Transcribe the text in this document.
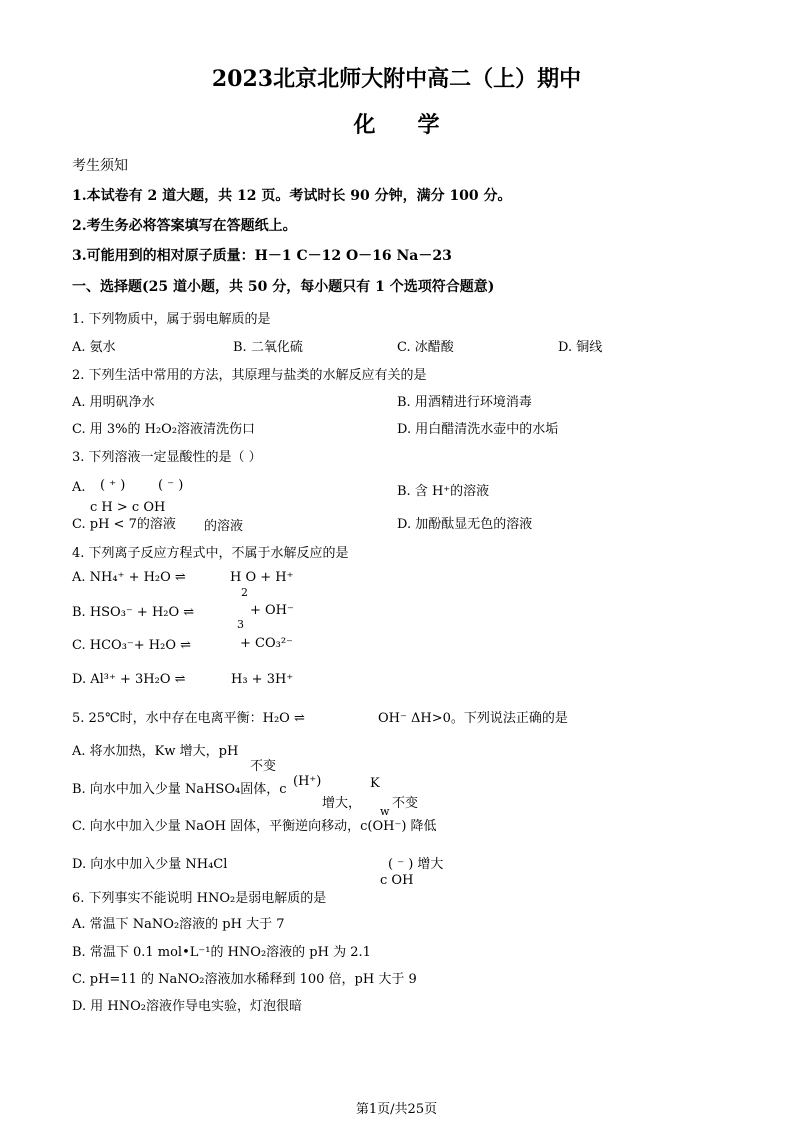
2023北京北师大附中高二（上）期中
化学
考生须知
1.本试卷有 2 道大题，共 12 页。考试时长 90 分钟，满分 100 分。
2.考生务必将答案填写在答题纸上。
3.可能用到的相对原子质量：H－1 C－12 O－16 Na－23
一、选择题(25 道小题，共 50 分，每小题只有 1 个选项符合题意)
1. 下列物质中，属于弱电解质的是
A. 氨水	B. 二氧化硫	C. 冰醋酸	D. 铜线
2. 下列生活中常用的方法，其原理与盐类的水解反应有关的是
A. 用明矾净水	B. 用酒精进行环境消毒
C. 用 3%的 H₂O₂溶液清洗伤口	D. 用白醋清洗水壶中的水垢
3. 下列溶液一定显酸性的是（ ）
A. ( ⁺ )	( ⁻ )
c H > c OH
B. 含 H⁺的溶液
C. pH < 7的溶液 的溶液	D. 加酚酞显无色的溶液
4. 下列离子反应方程式中，不属于水解反应的是
A. NH₄⁺ + H₂O ⇌	H O + H⁺
2
B. HSO₃⁻ + H₂O ⇌	+ OH⁻
3
C. HCO₃⁻+ H₂O ⇌	+ CO₃²⁻
D. Al³⁺ + 3H₂O ⇌	H₃ + 3H⁺
5. 25℃时，水中存在电离平衡：H₂O ⇌	OH⁻ ΔH>0。下列说法正确的是
A. 将水加热，Kw 增大，pH
不变
B. 向水中加入少量 NaHSO₄固体，c
(H⁺)
增大，
K
w
不变
C. 向水中加入少量 NaOH 固体，平衡逆向移动，c(OH⁻) 降低
D. 向水中加入少量 NH₄Cl	( ⁻ ) 增大
c OH
6. 下列事实不能说明 HNO₂是弱电解质的是
A. 常温下 NaNO₂溶液的 pH 大于 7
B. 常温下 0.1 mol•L⁻¹的 HNO₂溶液的 pH 为 2.1
C. pH=11 的 NaNO₂溶液加水稀释到 100 倍，pH 大于 9
D. 用 HNO₂溶液作导电实验，灯泡很暗
第1页/共25页
